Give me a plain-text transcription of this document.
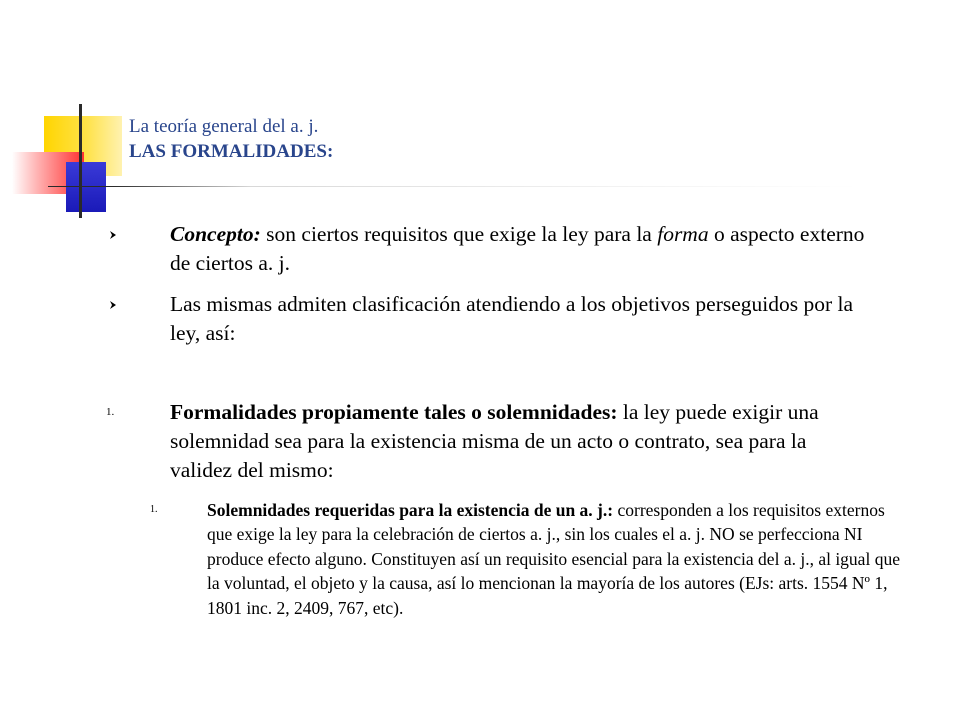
La teoría general del a. j.
LAS FORMALIDADES:
Concepto: son ciertos requisitos que exige la ley para la forma o aspecto externo de ciertos a. j.
Las mismas admiten clasificación atendiendo a los objetivos perseguidos por la ley, así:
1.	Formalidades propiamente tales o solemnidades: la ley puede exigir una solemnidad sea para la existencia misma de un acto o contrato, sea para la validez del mismo:
1.	Solemnidades requeridas para la existencia de un a. j.: corresponden a los requisitos externos que exige la ley para la celebración de ciertos a. j., sin los cuales el a. j. NO se perfecciona NI produce efecto alguno. Constituyen así un requisito esencial para la existencia del a. j., al igual que la voluntad, el objeto y la causa, así lo mencionan la mayoría de los autores (EJs: arts. 1554 Nº 1, 1801 inc. 2, 2409, 767, etc).
